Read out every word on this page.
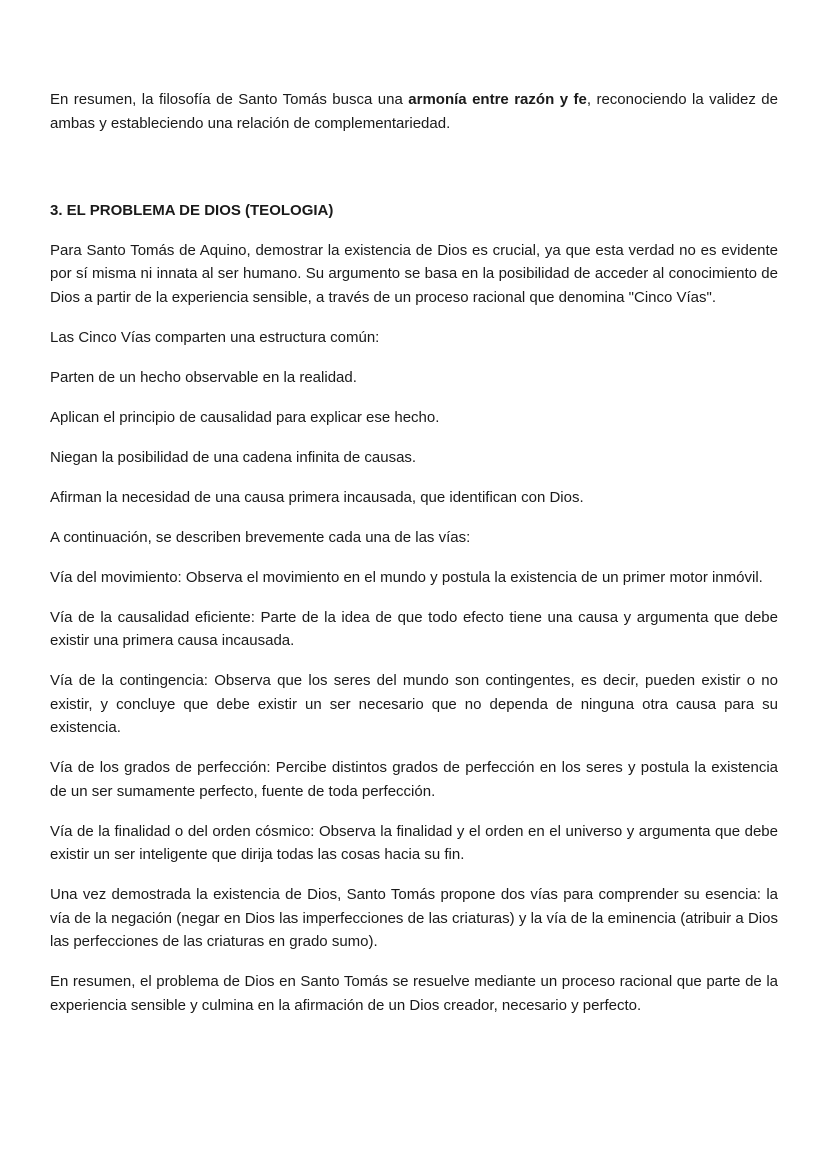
En resumen, la filosofía de Santo Tomás busca una armonía entre razón y fe, reconociendo la validez de ambas y estableciendo una relación de complementariedad.

3. EL PROBLEMA DE DIOS (TEOLOGIA)

Para Santo Tomás de Aquino, demostrar la existencia de Dios es crucial, ya que esta verdad no es evidente por sí misma ni innata al ser humano. Su argumento se basa en la posibilidad de acceder al conocimiento de Dios a partir de la experiencia sensible, a través de un proceso racional que denomina "Cinco Vías".

Las Cinco Vías comparten una estructura común:

Parten de un hecho observable en la realidad.

Aplican el principio de causalidad para explicar ese hecho.

Niegan la posibilidad de una cadena infinita de causas.

Afirman la necesidad de una causa primera incausada, que identifican con Dios.

A continuación, se describen brevemente cada una de las vías:

Vía del movimiento: Observa el movimiento en el mundo y postula la existencia de un primer motor inmóvil.

Vía de la causalidad eficiente: Parte de la idea de que todo efecto tiene una causa y argumenta que debe existir una primera causa incausada.

Vía de la contingencia: Observa que los seres del mundo son contingentes, es decir, pueden existir o no existir, y concluye que debe existir un ser necesario que no dependa de ninguna otra causa para su existencia.

Vía de los grados de perfección: Percibe distintos grados de perfección en los seres y postula la existencia de un ser sumamente perfecto, fuente de toda perfección.

Vía de la finalidad o del orden cósmico: Observa la finalidad y el orden en el universo y argumenta que debe existir un ser inteligente que dirija todas las cosas hacia su fin.

Una vez demostrada la existencia de Dios, Santo Tomás propone dos vías para comprender su esencia: la vía de la negación (negar en Dios las imperfecciones de las criaturas) y la vía de la eminencia (atribuir a Dios las perfecciones de las criaturas en grado sumo).

En resumen, el problema de Dios en Santo Tomás se resuelve mediante un proceso racional que parte de la experiencia sensible y culmina en la afirmación de un Dios creador, necesario y perfecto.
